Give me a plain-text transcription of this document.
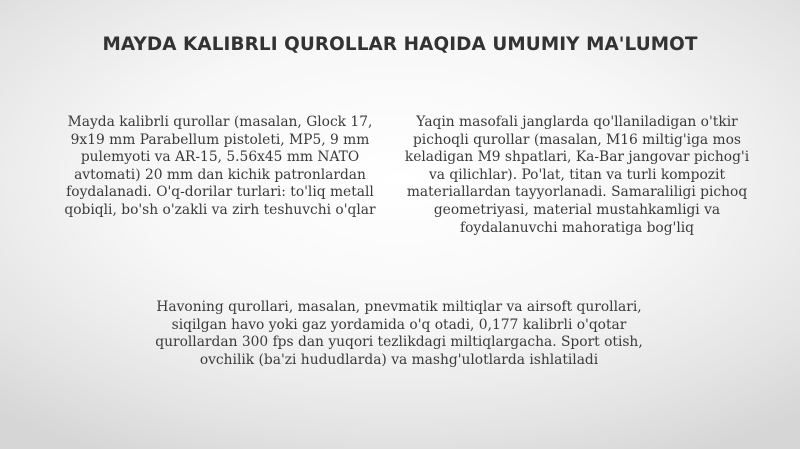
MAYDA KALIBRLI QUROLLAR HAQIDA UMUMIY MA'LUMOT

Mayda kalibrli qurollar (masalan, Glock 17, 9x19 mm Parabellum pistoleti, MP5, 9 mm pulemyoti va AR-15, 5.56x45 mm NATO avtomati) 20 mm dan kichik patronlardan foydalanadi. O'q-dorilar turlari: to'liq metall qobiqli, bo'sh o'zakli va zirh teshuvchi o'qlar

Yaqin masofali janglarda qo'llaniladigan o'tkir pichoqli qurollar (masalan, M16 miltig'iga mos keladigan M9 shpatlari, Ka-Bar jangovar pichog'i va qilichlar). Po'lat, titan va turli kompozit materiallardan tayyorlanadi. Samaraliligi pichoq geometriyasi, material mustahkamligi va foydalanuvchi mahoratiga bog'liq

Havoning qurollari, masalan, pnevmatik miltiqlar va airsoft qurollari, siqilgan havo yoki gaz yordamida o'q otadi, 0,177 kalibrli o'qotar qurollardan 300 fps dan yuqori tezlikdagi miltiqlargacha. Sport otish, ovchilik (ba'zi hududlarda) va mashg'ulotlarda ishlatiladi
